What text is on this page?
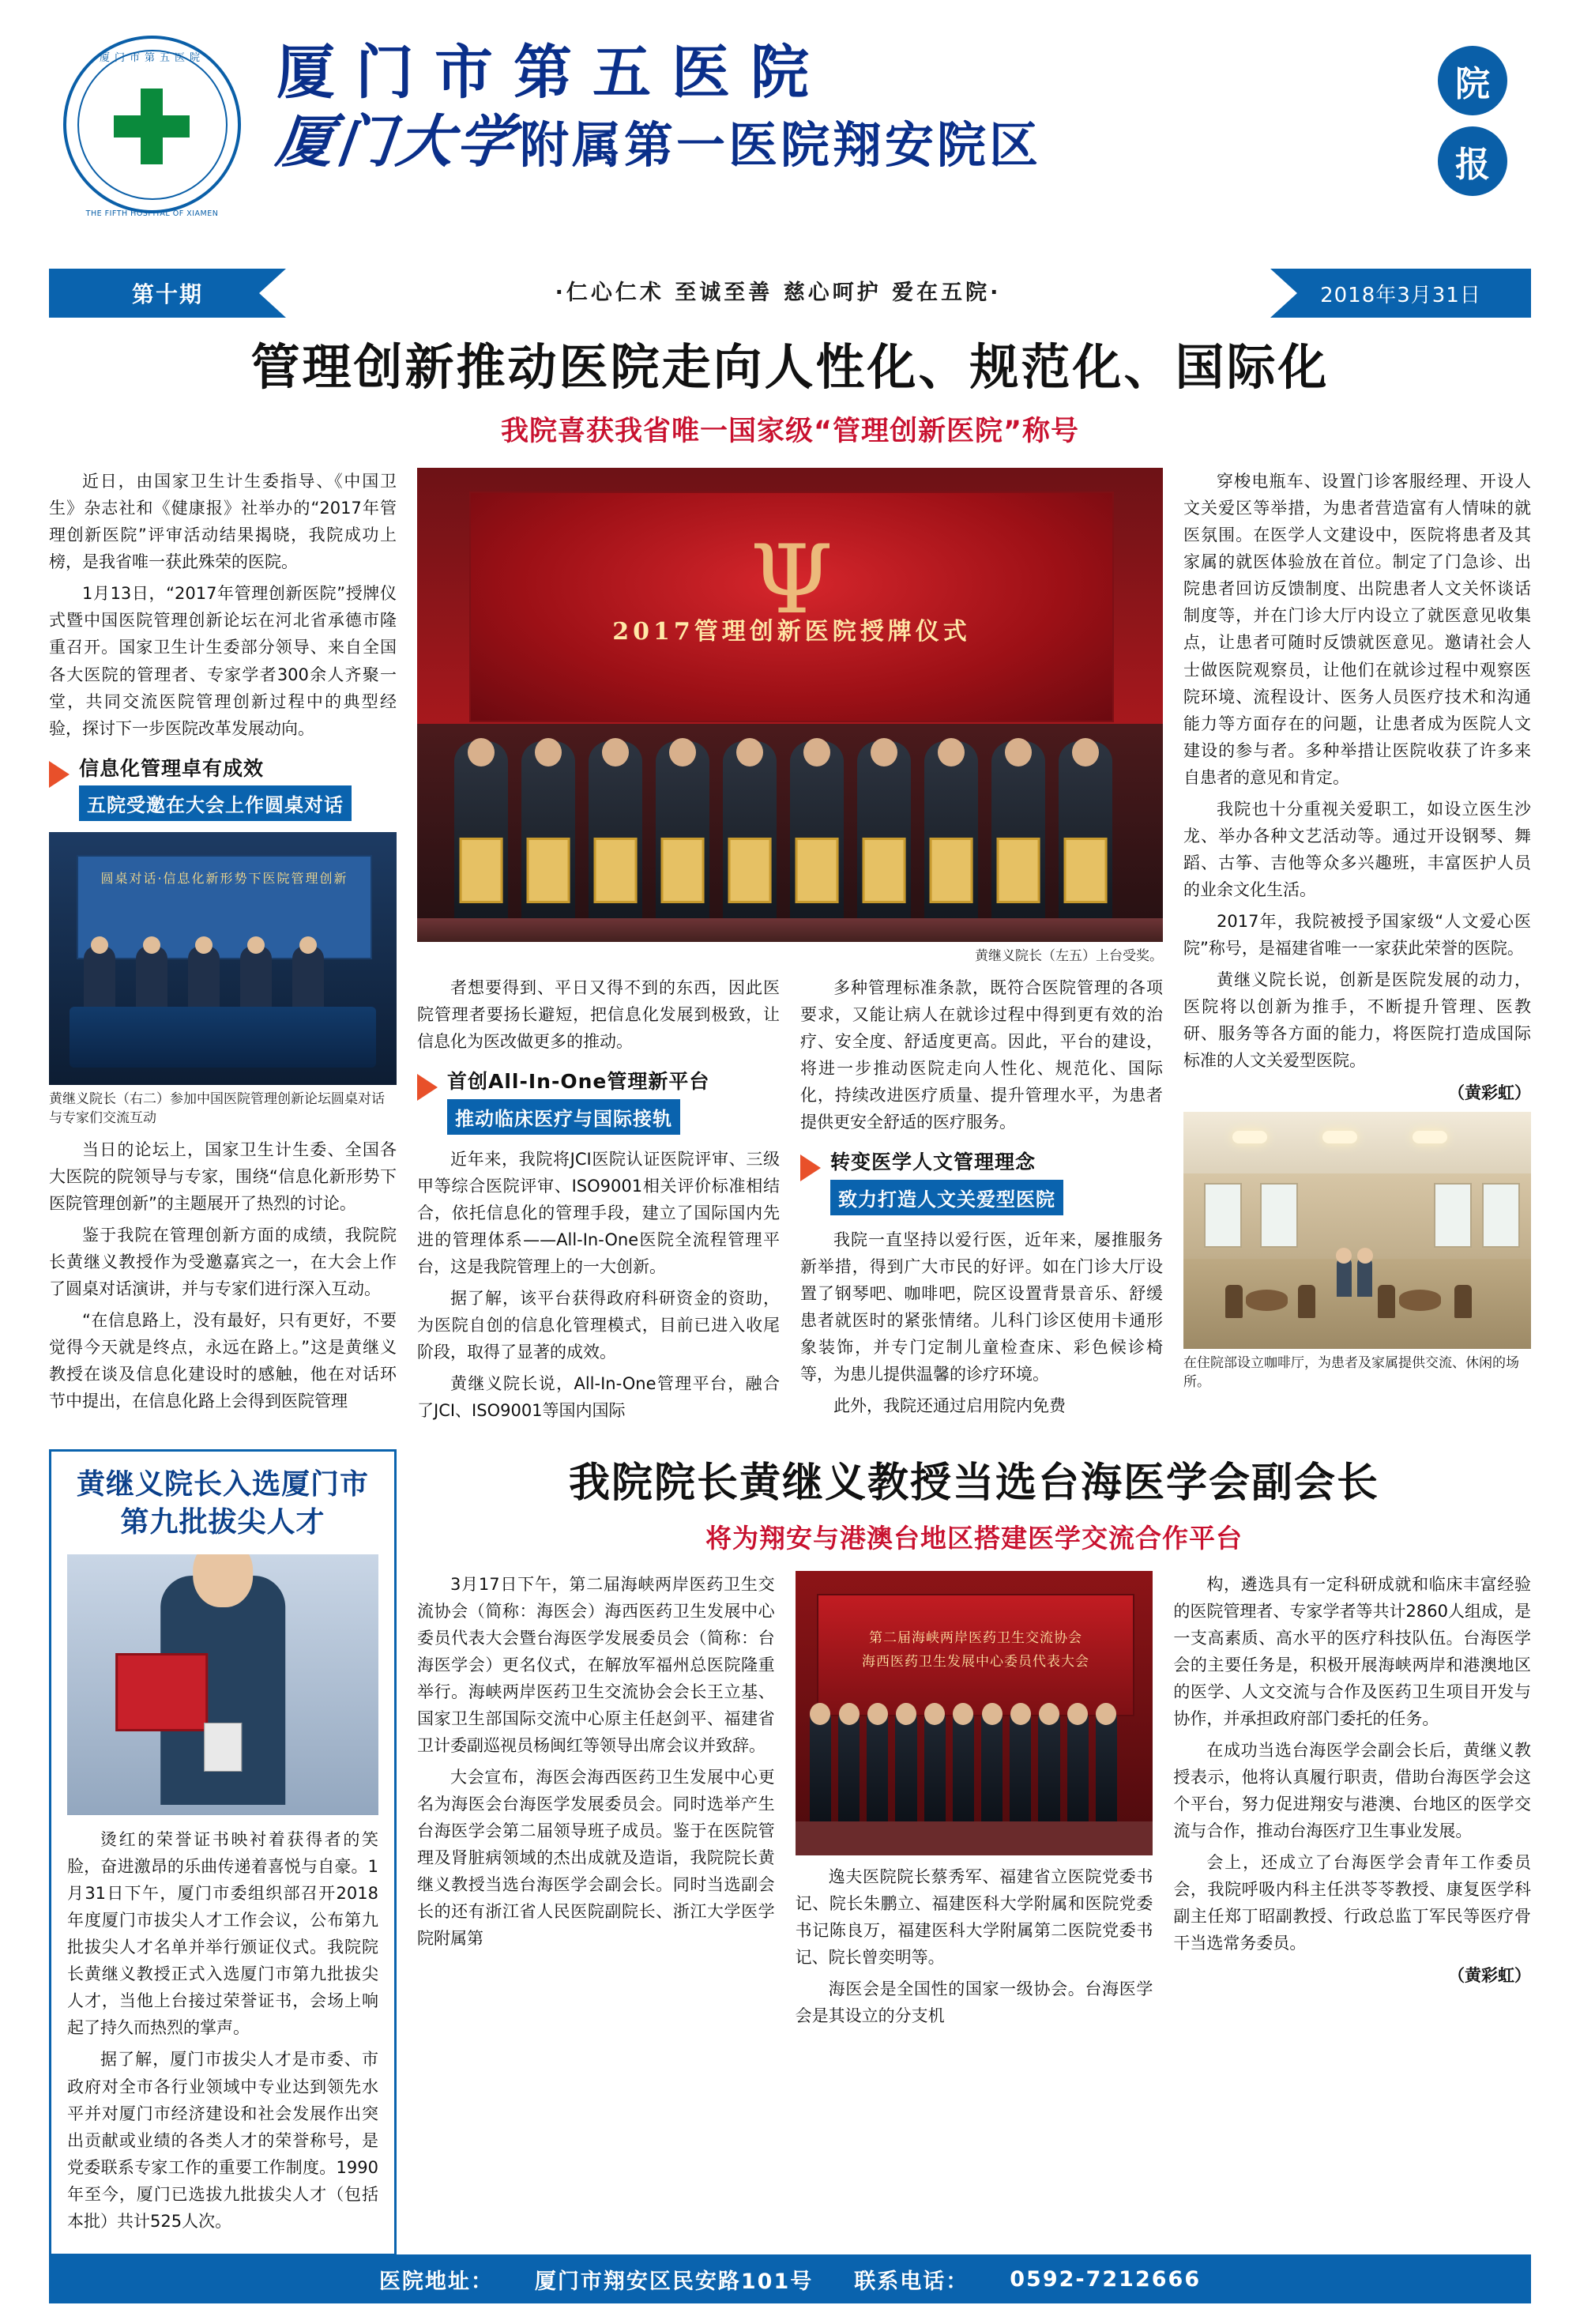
厦门市第五医院
THE FIFTH HOSPITAL OF XIAMEN
厦门市第五医院
厦门大学 附属第一医院翔安院区
院
报
第十期	·仁心仁术 至诚至善 慈心呵护 爱在五院·	2018年3月31日
管理创新推动医院走向人性化、规范化、国际化
我院喜获我省唯一国家级“管理创新医院”称号

近日，由国家卫生计生委指导、《中国卫生》杂志社和《健康报》社举办的“2017年管理创新医院”评审活动结果揭晓，我院成功上榜，是我省唯一获此殊荣的医院。

1月13日，“2017年管理创新医院”授牌仪式暨中国医院管理创新论坛在河北省承德市隆重召开。国家卫生计生委部分领导、来自全国各大医院的管理者、专家学者300余人齐聚一堂，共同交流医院管理创新过程中的典型经验，探讨下一步医院改革发展动向。

信息化管理卓有成效
五院受邀在大会上作圆桌对话
圆桌对话·信息化新形势下医院管理创新
黄继义院长（右二）参加中国医院管理创新论坛圆桌对话与专家们交流互动

当日的论坛上，国家卫生计生委、全国各大医院的院领导与专家，围绕“信息化新形势下医院管理创新”的主题展开了热烈的讨论。

鉴于我院在管理创新方面的成绩，我院院长黄继义教授作为受邀嘉宾之一，在大会上作了圆桌对话演讲，并与专家们进行深入互动。

“在信息路上，没有最好，只有更好，不要觉得今天就是终点，永远在路上。”这是黄继义教授在谈及信息化建设时的感触，他在对话环节中提出，在信息化路上会得到医院管理

Ψ
2017管理创新医院授牌仪式
黄继义院长（左五）上台受奖。

者想要得到、平日又得不到的东西，因此医院管理者要扬长避短，把信息化发展到极致，让信息化为医改做更多的推动。

首创All-In-One管理新平台
推动临床医疗与国际接轨

近年来，我院将JCI医院认证医院评审、三级甲等综合医院评审、ISO9001相关评价标准相结合，依托信息化的管理手段，建立了国际国内先进的管理体系——All-In-One医院全流程管理平台，这是我院管理上的一大创新。

据了解，该平台获得政府科研资金的资助，为医院自创的信息化管理模式，目前已进入收尾阶段，取得了显著的成效。

黄继义院长说，All-In-One管理平台，融合了JCI、ISO9001等国内国际

多种管理标准条款，既符合医院管理的各项要求，又能让病人在就诊过程中得到更有效的治疗、安全度、舒适度更高。因此，平台的建设，将进一步推动医院走向人性化、规范化、国际化，持续改进医疗质量、提升管理水平，为患者提供更安全舒适的医疗服务。

转变医学人文管理理念
致力打造人文关爱型医院

我院一直坚持以爱行医，近年来，屡推服务新举措，得到广大市民的好评。如在门诊大厅设置了钢琴吧、咖啡吧，院区设置背景音乐、舒缓患者就医时的紧张情绪。儿科门诊区使用卡通形象装饰，并专门定制儿童检查床、彩色候诊椅等，为患儿提供温馨的诊疗环境。

此外，我院还通过启用院内免费

穿梭电瓶车、设置门诊客服经理、开设人文关爱区等举措，为患者营造富有人情味的就医氛围。在医学人文建设中，医院将患者及其家属的就医体验放在首位。制定了门急诊、出院患者回访反馈制度、出院患者人文关怀谈话制度等，并在门诊大厅内设立了就医意见收集点，让患者可随时反馈就医意见。邀请社会人士做医院观察员，让他们在就诊过程中观察医院环境、流程设计、医务人员医疗技术和沟通能力等方面存在的问题，让患者成为医院人文建设的参与者。多种举措让医院收获了许多来自患者的意见和肯定。

我院也十分重视关爱职工，如设立医生沙龙、举办各种文艺活动等。通过开设钢琴、舞蹈、古筝、吉他等众多兴趣班，丰富医护人员的业余文化生活。

2017年，我院被授予国家级“人文爱心医院”称号，是福建省唯一一家获此荣誉的医院。

黄继义院长说，创新是医院发展的动力，医院将以创新为推手，不断提升管理、医教研、服务等各方面的能力，将医院打造成国际标准的人文关爱型医院。

（黄彩虹）
在住院部设立咖啡厅，为患者及家属提供交流、休闲的场所。
黄继义院长入选厦门市
第九批拔尖人才

烫红的荣誉证书映衬着获得者的笑脸，奋进激昂的乐曲传递着喜悦与自豪。1月31日下午，厦门市委组织部召开2018年度厦门市拔尖人才工作会议，公布第九批拔尖人才名单并举行颁证仪式。我院院长黄继义教授正式入选厦门市第九批拔尖人才，当他上台接过荣誉证书，会场上响起了持久而热烈的掌声。

据了解，厦门市拔尖人才是市委、市政府对全市各行业领域中专业达到领先水平并对厦门市经济建设和社会发展作出突出贡献或业绩的各类人才的荣誉称号，是党委联系专家工作的重要工作制度。1990年至今，厦门已选拔九批拔尖人才（包括本批）共计525人次。

我院院长黄继义教授当选台海医学会副会长
将为翔安与港澳台地区搭建医学交流合作平台

3月17日下午，第二届海峡两岸医药卫生交流协会（简称：海医会）海西医药卫生发展中心委员代表大会暨台海医学发展委员会（简称：台海医学会）更名仪式，在解放军福州总医院隆重举行。海峡两岸医药卫生交流协会会长王立基、国家卫生部国际交流中心原主任赵剑平、福建省卫计委副巡视员杨闽红等领导出席会议并致辞。

大会宣布，海医会海西医药卫生发展中心更名为海医会台海医学发展委员会。同时选举产生台海医学会第二届领导班子成员。鉴于在医院管理及肾脏病领域的杰出成就及造诣，我院院长黄继义教授当选台海医学会副会长。同时当选副会长的还有浙江省人民医院副院长、浙江大学医学院附属第

第二届海峡两岸医药卫生交流协会
海西医药卫生发展中心委员代表大会

逸夫医院院长蔡秀军、福建省立医院党委书记、院长朱鹏立、福建医科大学附属和医院党委书记陈良万，福建医科大学附属第二医院党委书记、院长曾奕明等。

海医会是全国性的国家一级协会。台海医学会是其设立的分支机

构，遴选具有一定科研成就和临床丰富经验的医院管理者、专家学者等共计2860人组成，是一支高素质、高水平的医疗科技队伍。台海医学会的主要任务是，积极开展海峡两岸和港澳地区的医学、人文交流与合作及医药卫生项目开发与协作，并承担政府部门委托的任务。

在成功当选台海医学会副会长后，黄继义教授表示，他将认真履行职责，借助台海医学会这个平台，努力促进翔安与港澳、台地区的医学交流与合作，推动台海医疗卫生事业发展。

会上，还成立了台海医学会青年工作委员会，我院呼吸内科主任洪苓苓教授、康复医学科副主任郑丁昭副教授、行政总监丁军民等医疗骨干当选常务委员。

（黄彩虹）
医院地址： 厦门市翔安区民安路101号 联系电话： 0592-7212666
